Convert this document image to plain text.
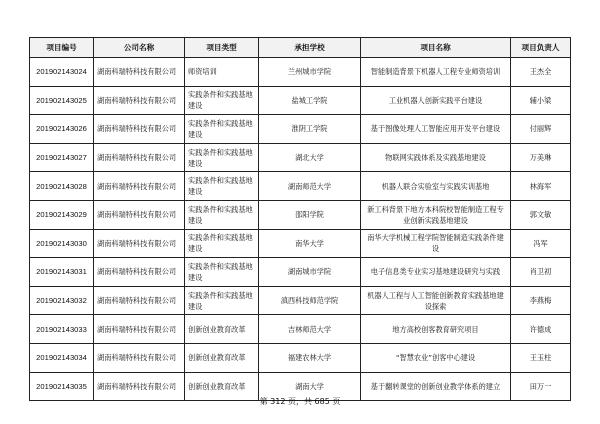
项目编号	公司名称	项目类型	承担学校	项目名称	项目负责人
201902143024	湖南科瑞特科技有限公司	师资培训	兰州城市学院	智能制造背景下机器人工程专业师资培训	王杰全
201902143025	湖南科瑞特科技有限公司	实践条件和实践基地建设	盐城工学院	工业机器人创新实践平台建设	辅小梁
201902143026	湖南科瑞特科技有限公司	实践条件和实践基地建设	淮阴工学院	基于图像处理人工智能应用开发平台建设	付丽辉
201902143027	湖南科瑞特科技有限公司	实践条件和实践基地建设	湖北大学	物联网实践体系及实践基地建设	万美琳
201902143028	湖南科瑞特科技有限公司	实践条件和实践基地建设	湖南师范大学	机器人联合实验室与实践实训基地	林海军
201902143029	湖南科瑞特科技有限公司	实践条件和实践基地建设	邵阳学院	新工科背景下地方本科院校智能制造工程专业创新实践基地建设	郭文敏
201902143030	湖南科瑞特科技有限公司	实践条件和实践基地建设	南华大学	南华大学机械工程学院智能制造实践条件建设	冯军
201902143031	湖南科瑞特科技有限公司	实践条件和实践基地建设	湖南城市学院	电子信息类专业实习基地建设研究与实践	肖卫初
201902143032	湖南科瑞特科技有限公司	实践条件和实践基地建设	滇西科技师范学院	机器人工程与人工智能创新教育实践基地建设探索	李燕梅
201902143033	湖南科瑞特科技有限公司	创新创业教育改革	吉林师范大学	地方高校创客教育研究项目	许德成
201902143034	湖南科瑞特科技有限公司	创新创业教育改革	福建农林大学	“智慧农业”创客中心建设	王玉柱
201902143035	湖南科瑞特科技有限公司	创新创业教育改革	湖南大学	基于翻转课堂的创新创业教学体系的建立	田万一
第 312 页，共 685 页
